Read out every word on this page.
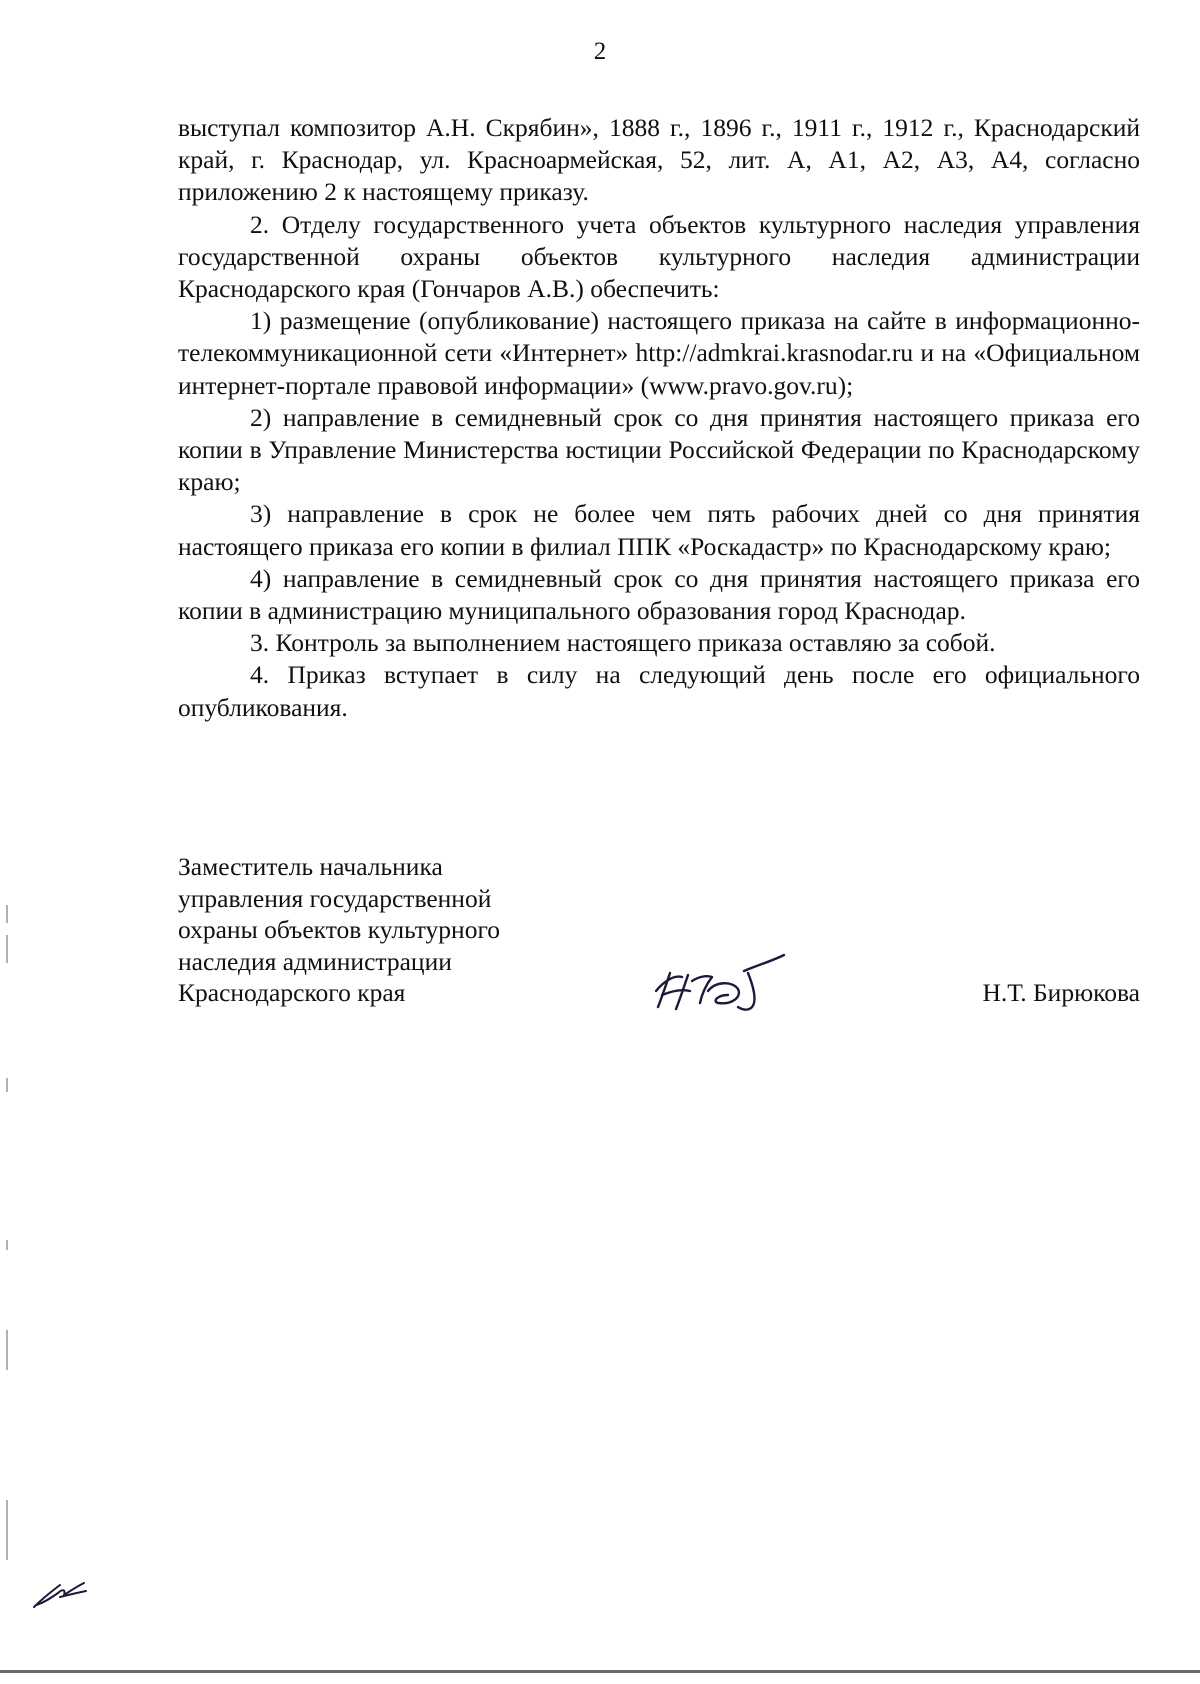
2

выступал композитор А.Н. Скрябин», 1888 г., 1896 г., 1911 г., 1912 г., Краснодарский край, г. Краснодар, ул. Красноармейская, 52, лит. А, А1, А2, А3, А4, согласно приложению 2 к настоящему приказу.

2. Отделу государственного учета объектов культурного наследия управления государственной охраны объектов культурного наследия администрации Краснодарского края (Гончаров А.В.) обеспечить:

1) размещение (опубликование) настоящего приказа на сайте в информационно-телекоммуникационной сети «Интернет» http://admkrai.krasnodar.ru и на «Официальном интернет-портале правовой информации» (www.pravo.gov.ru);

2) направление в семидневный срок со дня принятия настоящего приказа его копии в Управление Министерства юстиции Российской Федерации по Краснодарскому краю;

3) направление в срок не более чем пять рабочих дней со дня принятия настоящего приказа его копии в филиал ППК «Роскадастр» по Краснодарскому краю;

4) направление в семидневный срок со дня принятия настоящего приказа его копии в администрацию муниципального образования город Краснодар.

3. Контроль за выполнением настоящего приказа оставляю за собой.

4. Приказ вступает в силу на следующий день после его официального опубликования.

Заместитель начальника
управления государственной
охраны объектов культурного
наследия администрации
Краснодарского края	Н.Т. Бирюкова
